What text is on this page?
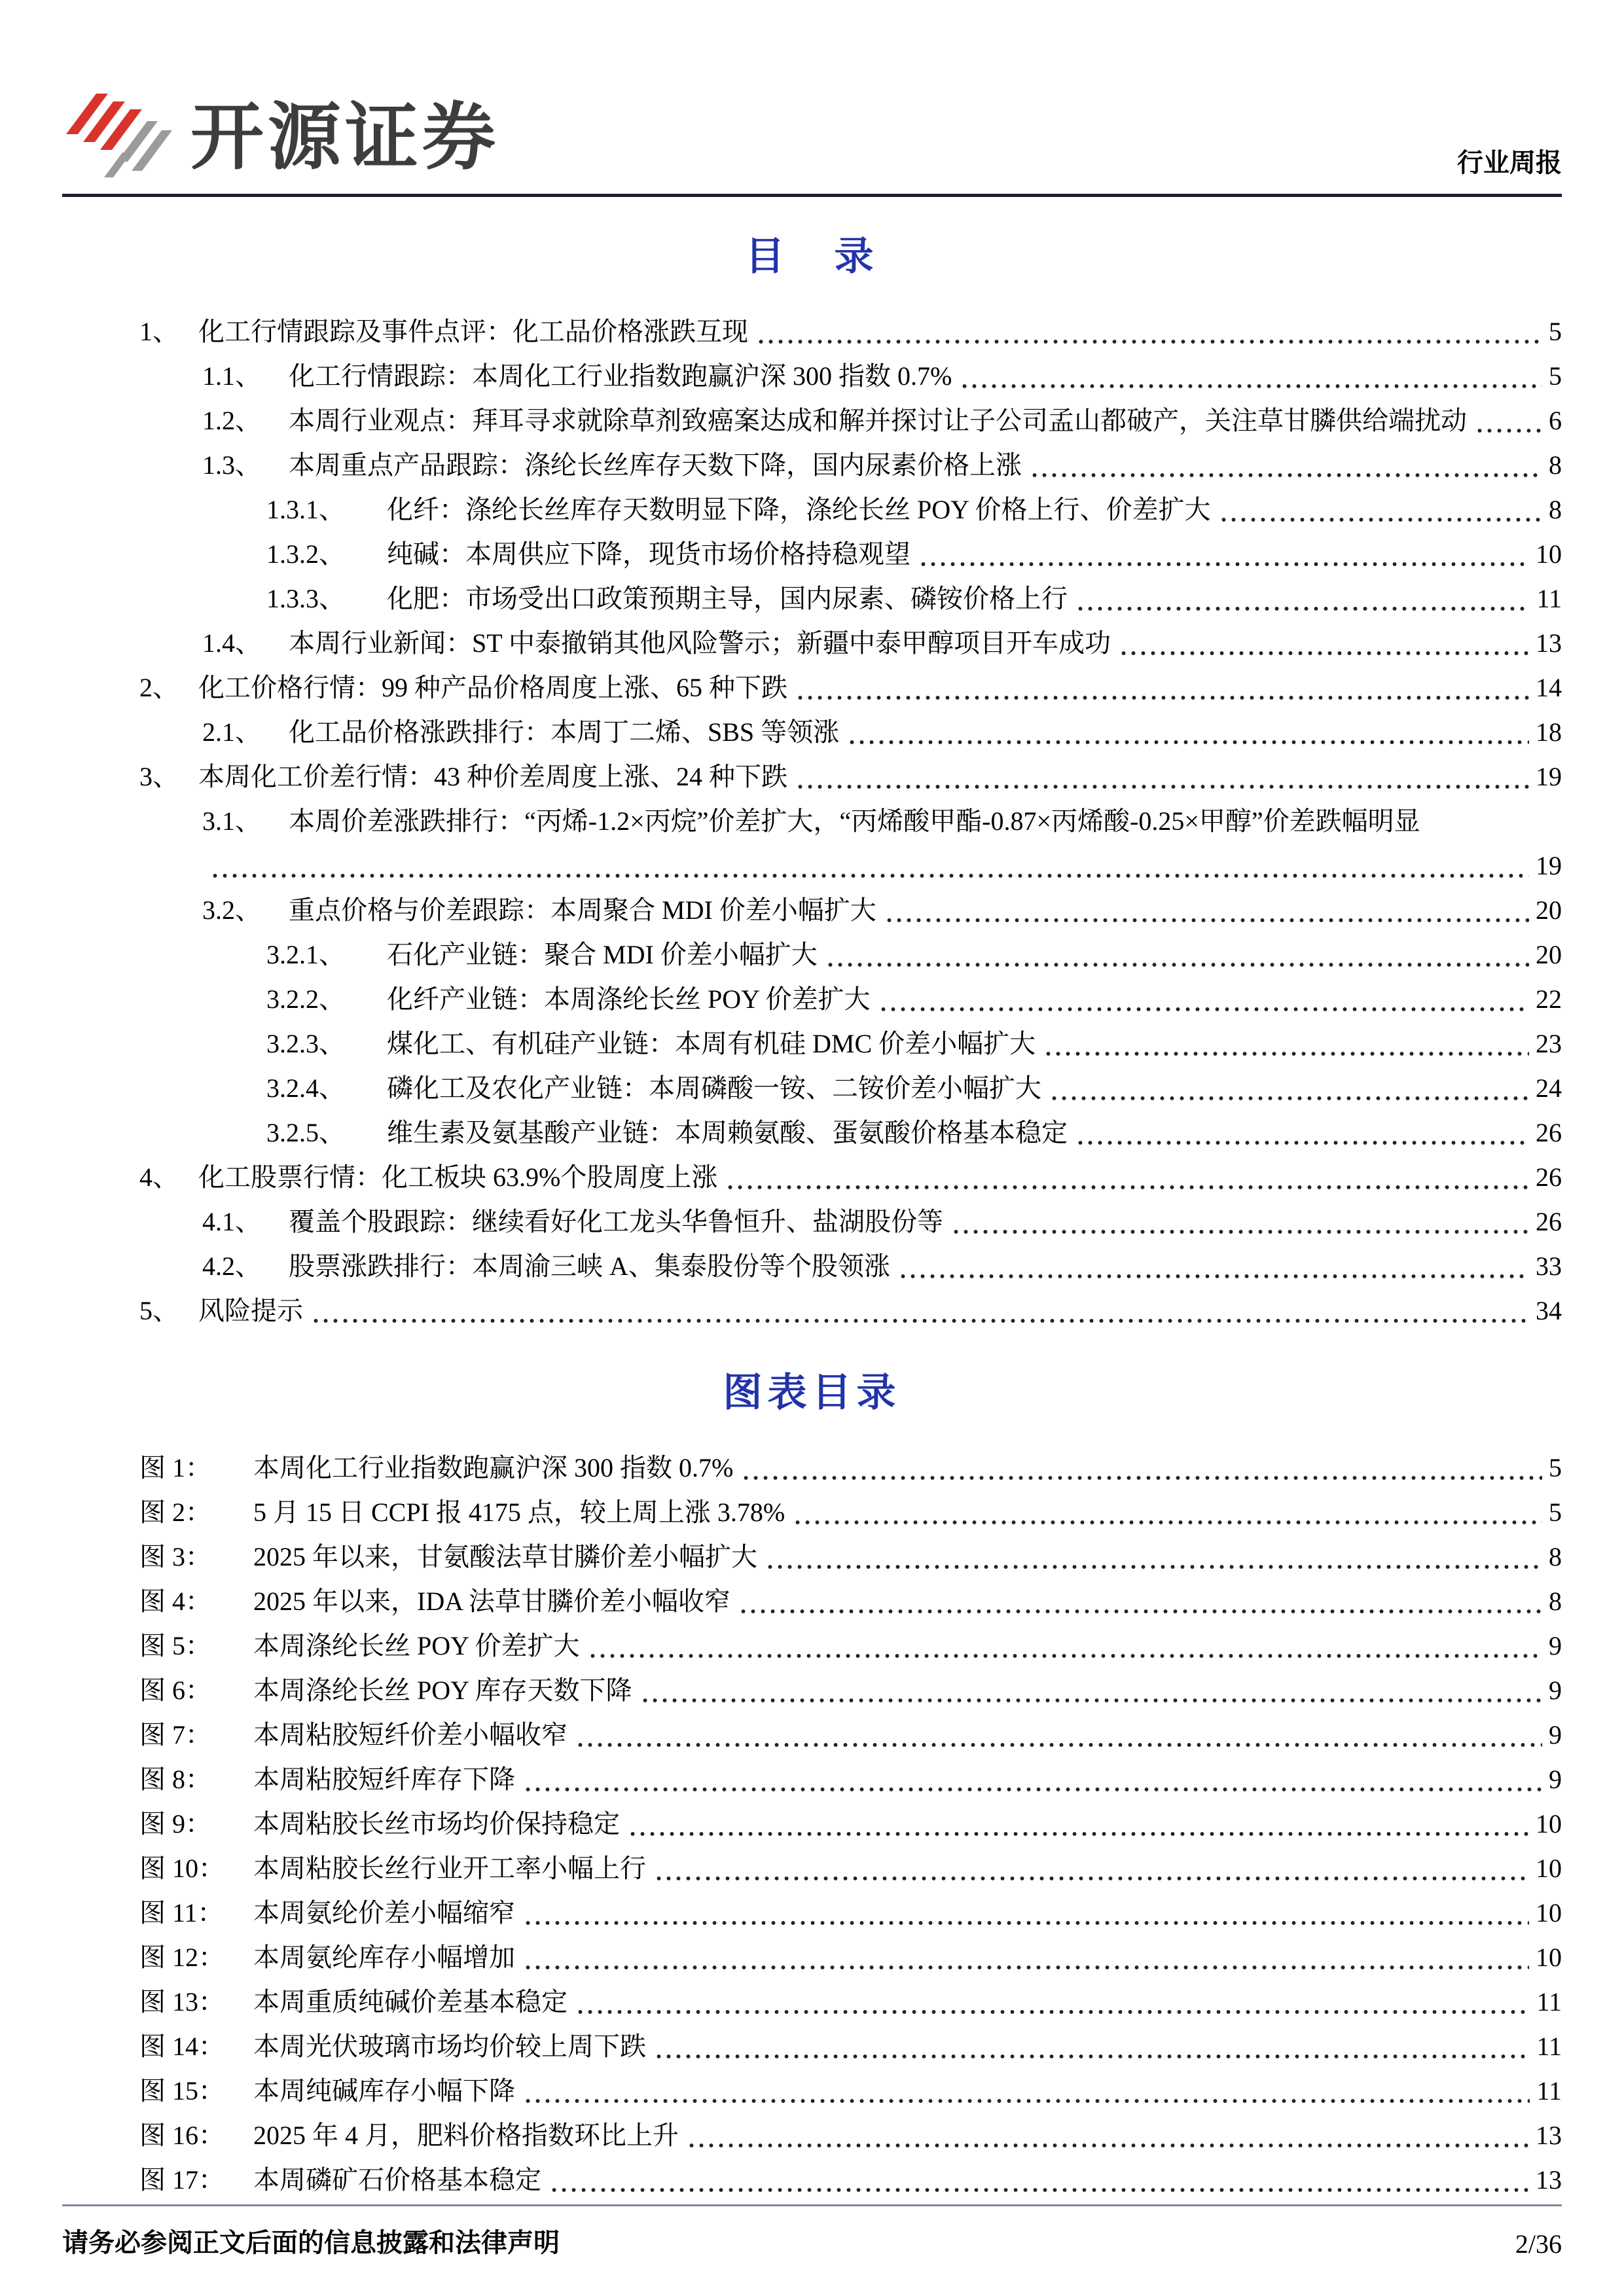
开源证券	行业周报
目　录
1、 化工行情跟踪及事件点评：化工品价格涨跌互现	5
1.1、	化工行情跟踪：本周化工行业指数跑赢沪深 300 指数 0.7%	5
1.2、	本周行业观点：拜耳寻求就除草剂致癌案达成和解并探讨让子公司孟山都破产，关注草甘膦供给端扰动	6
1.3、	本周重点产品跟踪：涤纶长丝库存天数下降，国内尿素价格上涨	8
1.3.1、	化纤：涤纶长丝库存天数明显下降，涤纶长丝 POY 价格上行、价差扩大	8
1.3.2、	纯碱：本周供应下降，现货市场价格持稳观望	10
1.3.3、	化肥：市场受出口政策预期主导，国内尿素、磷铵价格上行	11
1.4、	本周行业新闻：ST 中泰撤销其他风险警示；新疆中泰甲醇项目开车成功	13
2、 化工价格行情：99 种产品价格周度上涨、65 种下跌	14
2.1、	化工品价格涨跌排行：本周丁二烯、SBS 等领涨	18
3、 本周化工价差行情：43 种价差周度上涨、24 种下跌	19
3.1、	本周价差涨跌排行：“丙烯-1.2×丙烷”价差扩大，“丙烯酸甲酯-0.87×丙烯酸-0.25×甲醇”价差跌幅明显
19
3.2、	重点价格与价差跟踪：本周聚合 MDI 价差小幅扩大	20
3.2.1、	石化产业链：聚合 MDI 价差小幅扩大	20
3.2.2、	化纤产业链：本周涤纶长丝 POY 价差扩大	22
3.2.3、	煤化工、有机硅产业链：本周有机硅 DMC 价差小幅扩大	23
3.2.4、	磷化工及农化产业链：本周磷酸一铵、二铵价差小幅扩大	24
3.2.5、	维生素及氨基酸产业链：本周赖氨酸、蛋氨酸价格基本稳定	26
4、 化工股票行情：化工板块 63.9%个股周度上涨	26
4.1、	覆盖个股跟踪：继续看好化工龙头华鲁恒升、盐湖股份等	26
4.2、	股票涨跌排行：本周渝三峡 A、集泰股份等个股领涨	33
5、 风险提示	34
图表目录
图 1：	本周化工行业指数跑赢沪深 300 指数 0.7%	5
图 2：	5 月 15 日 CCPI 报 4175 点，较上周上涨 3.78%	5
图 3：	2025 年以来，甘氨酸法草甘膦价差小幅扩大	8
图 4：	2025 年以来，IDA 法草甘膦价差小幅收窄	8
图 5：	本周涤纶长丝 POY 价差扩大	9
图 6：	本周涤纶长丝 POY 库存天数下降	9
图 7：	本周粘胶短纤价差小幅收窄	9
图 8：	本周粘胶短纤库存下降	9
图 9：	本周粘胶长丝市场均价保持稳定	10
图 10：	本周粘胶长丝行业开工率小幅上行	10
图 11：	本周氨纶价差小幅缩窄	10
图 12：	本周氨纶库存小幅增加	10
图 13：	本周重质纯碱价差基本稳定	11
图 14：	本周光伏玻璃市场均价较上周下跌	11
图 15：	本周纯碱库存小幅下降	11
图 16：	2025 年 4 月，肥料价格指数环比上升	13
图 17：	本周磷矿石价格基本稳定	13
请务必参阅正文后面的信息披露和法律声明	2/36
